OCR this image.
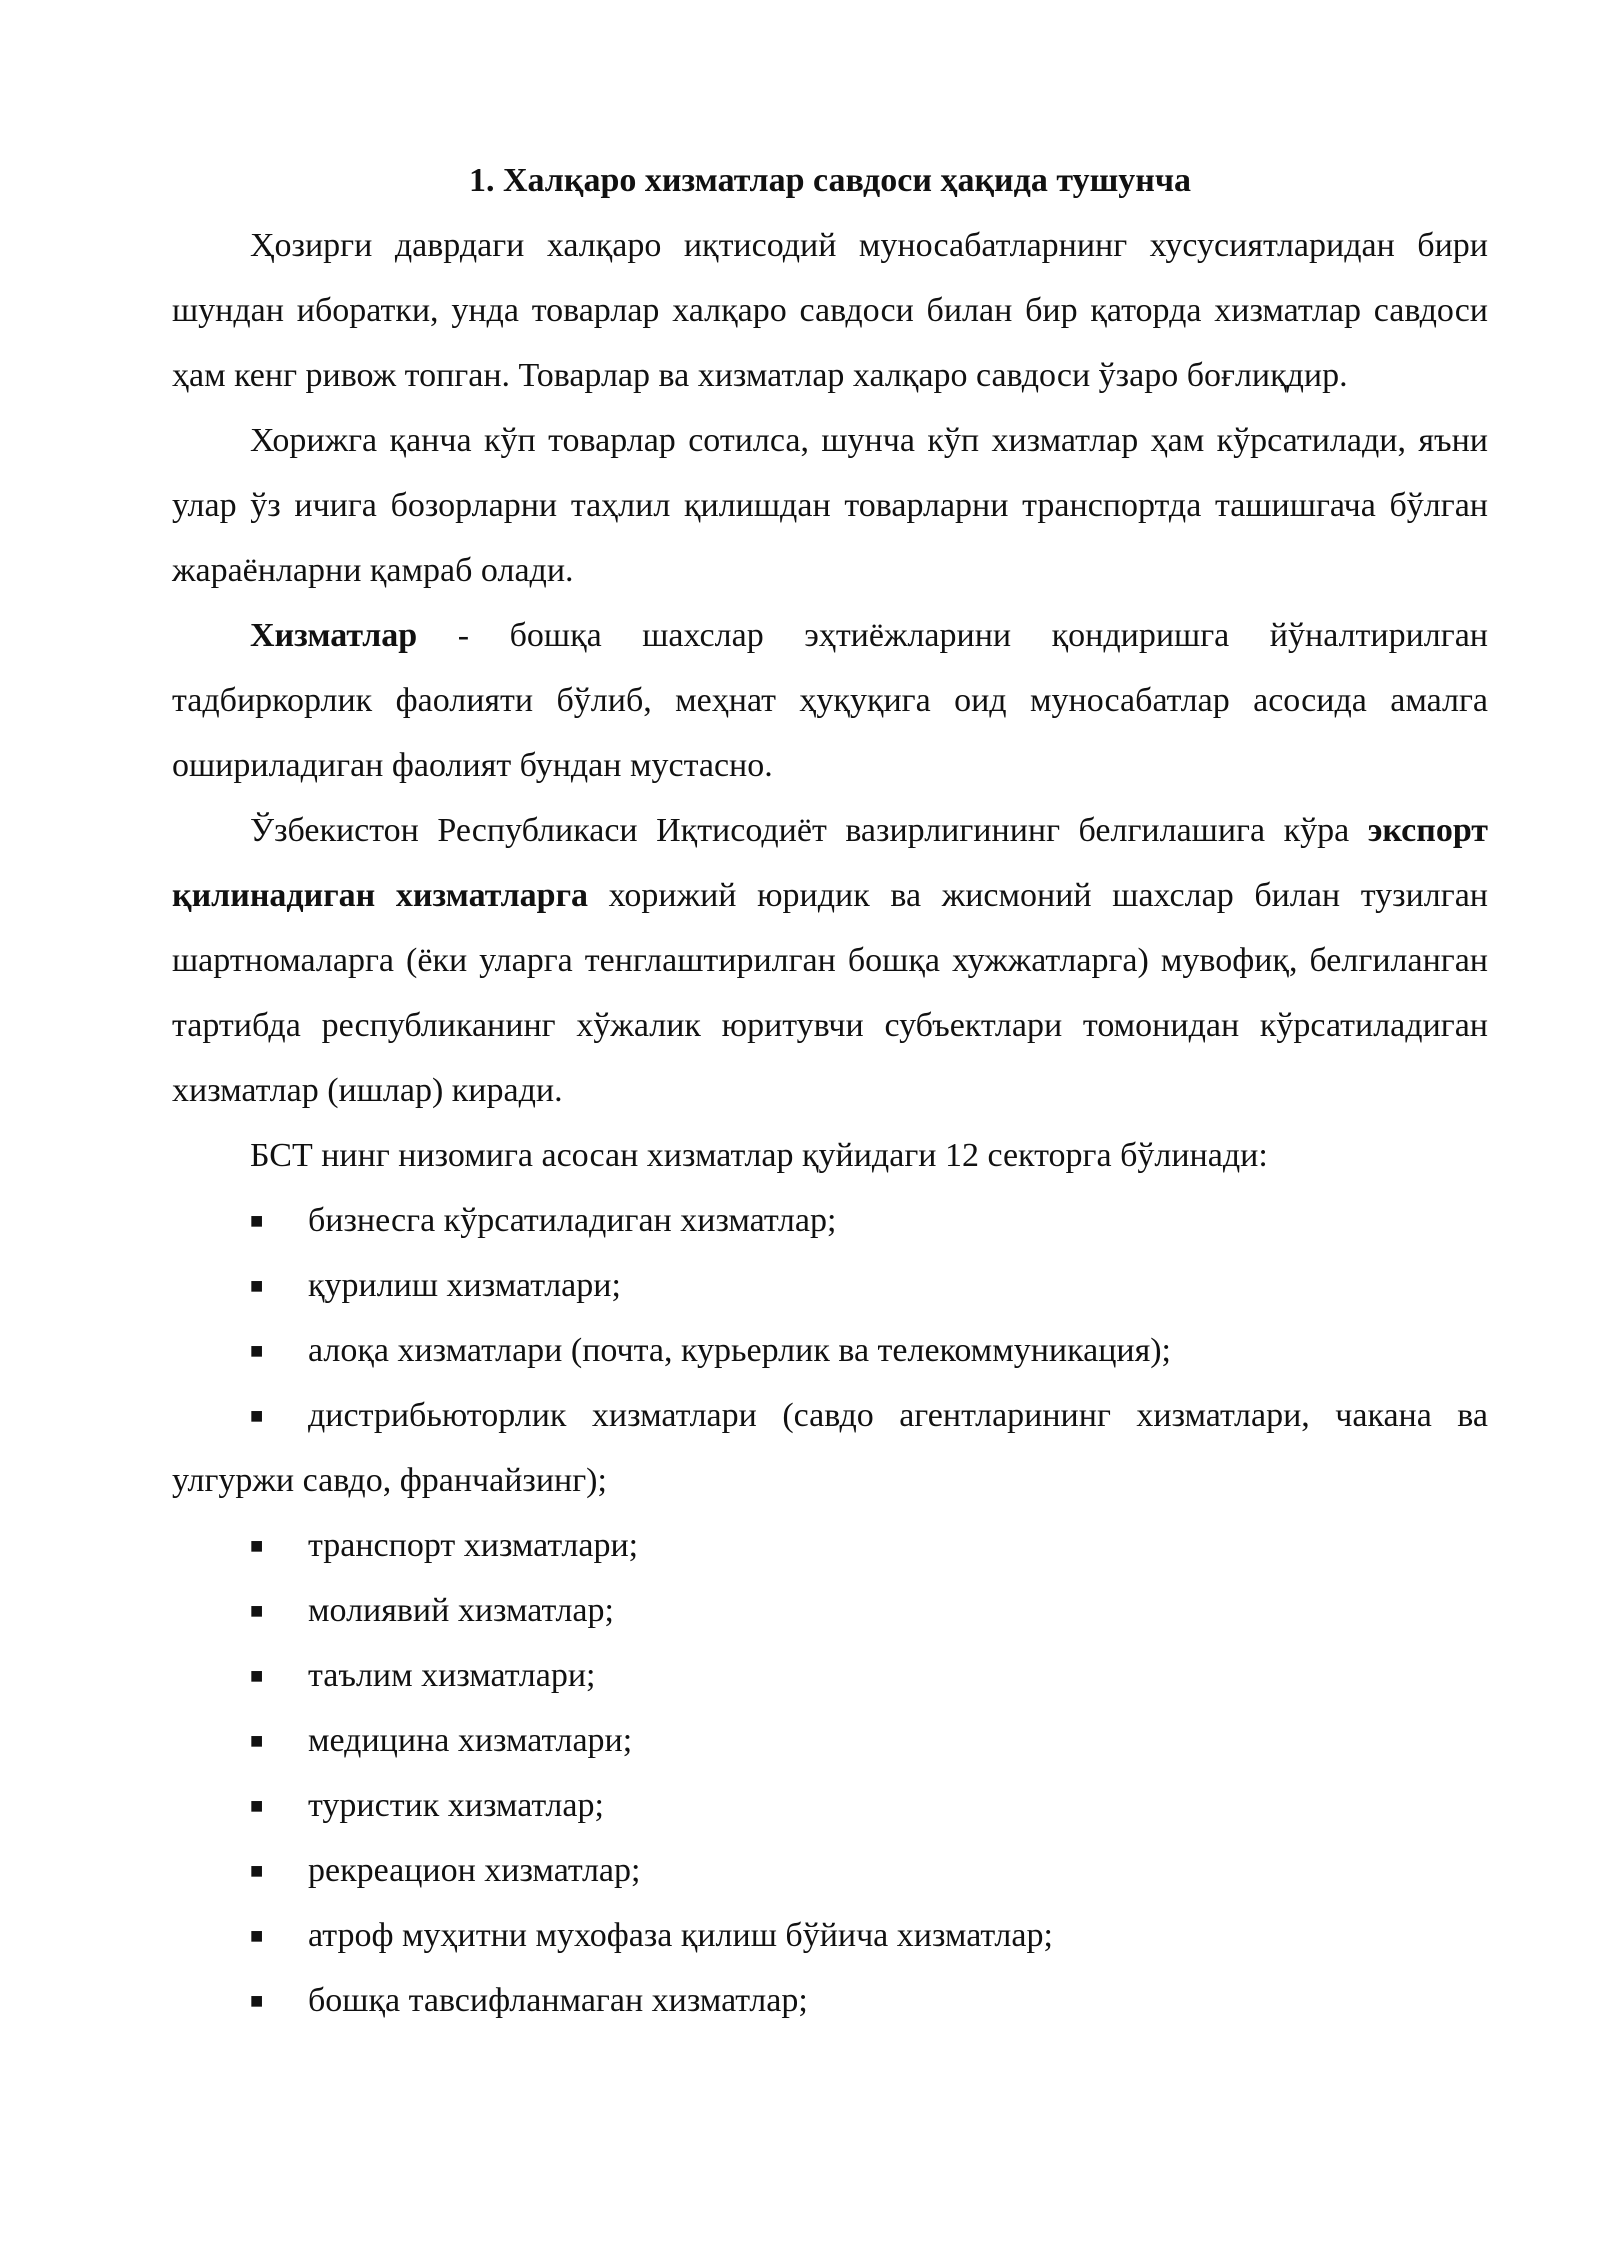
1. Халқаро хизматлар савдоси ҳақида тушунча

Ҳозирги даврдаги халқаро иқтисодий муносабатларнинг хусусиятларидан бири шундан иборатки, унда товарлар халқаро савдоси билан бир қаторда хизматлар савдоси ҳам кенг ривож топган. Товарлар ва хизматлар халқаро савдоси ўзаро боғлиқдир.

Хорижга қанча кўп товарлар сотилса, шунча кўп хизматлар ҳам кўрсатилади, яъни улар ўз ичига бозорларни таҳлил қилишдан товарларни транспортда ташишгача бўлган жараёнларни қамраб олади.

Хизматлар - бошқа шахслар эҳтиёжларини қондиришга йўналтирилган тадбиркорлик фаолияти бўлиб, меҳнат ҳуқуқига оид муносабатлар асосида амалга ошириладиган фаолият бундан мустасно.

Ўзбекистон Республикаси Иқтисодиёт вазирлигининг белгилашига кўра экспорт қилинадиган хизматларга хорижий юридик ва жисмоний шахслар билан тузилган шартномаларга (ёки уларга тенглаштирилган бошқа хужжатларга) мувофиқ, белгиланган тартибда республиканинг хўжалик юритувчи субъектлари томонидан кўрсатиладиган хизматлар (ишлар) киради.

БСТ нинг низомига асосан хизматлар қуйидаги 12 секторга бўлинади:

■ бизнесга кўрсатиладиган хизматлар;
■ қурилиш хизматлари;
■ алоқа хизматлари (почта, курьерлик ва телекоммуникация);
■ дистрибьюторлик хизматлари (савдо агентларининг хизматлари, чакана ва улгуржи савдо, франчайзинг);
■ транспорт хизматлари;
■ молиявий хизматлар;
■ таълим хизматлари;
■ медицина хизматлари;
■ туристик хизматлар;
■ рекреацион хизматлар;
■ атроф муҳитни мухофаза қилиш бўйича хизматлар;
■ бошқа тавсифланмаган хизматлар;
